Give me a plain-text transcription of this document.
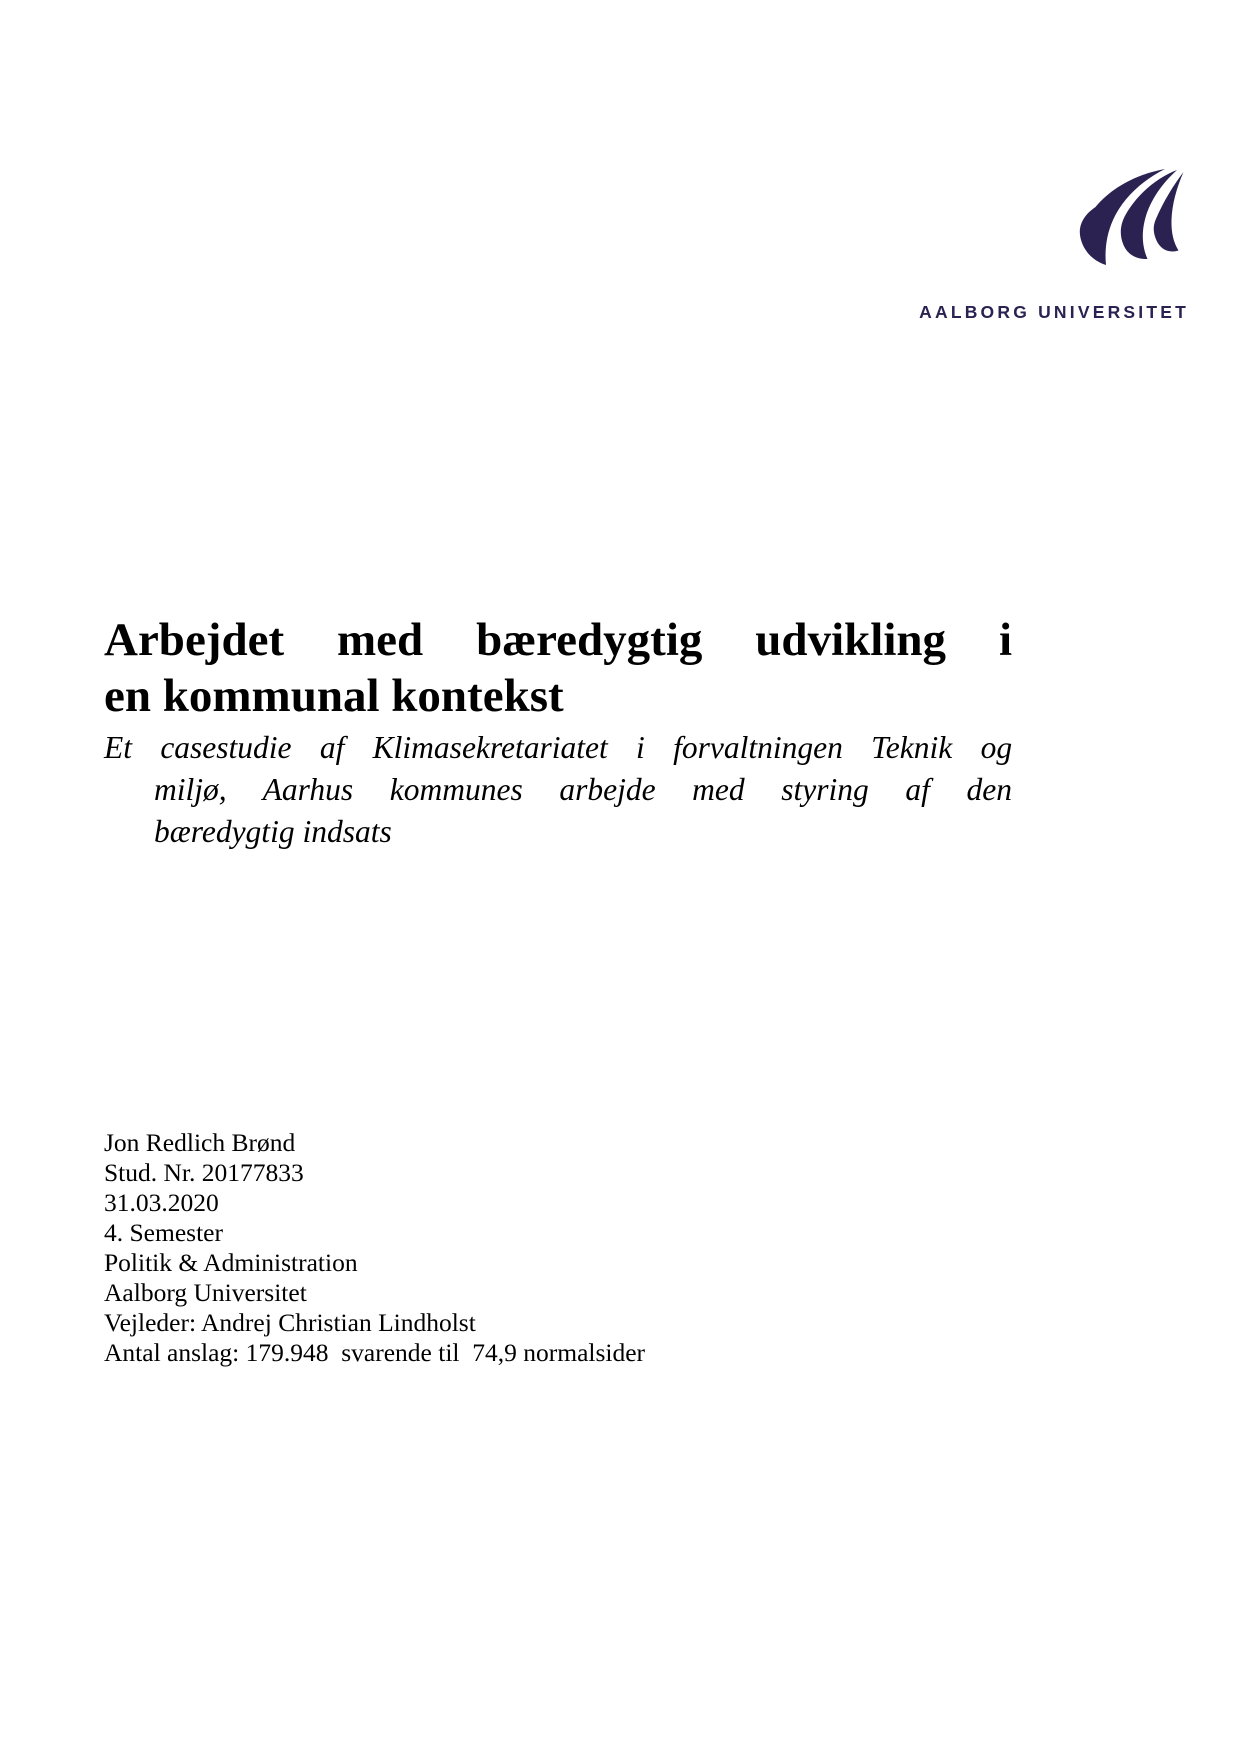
AALBORG UNIVERSITET
Arbejdet med bæredygtig udvikling i
en kommunal kontekst

Et casestudie af Klimasekretariatet i forvaltningen Teknik og
miljø, Aarhus kommunes arbejde med styring af den
bæredygtig indsats

Jon Redlich Brønd
Stud. Nr. 20177833
31.03.2020
4. Semester
Politik & Administration
Aalborg Universitet
Vejleder: Andrej Christian Lindholst
Antal anslag: 179.948  svarende til  74,9 normalsider
